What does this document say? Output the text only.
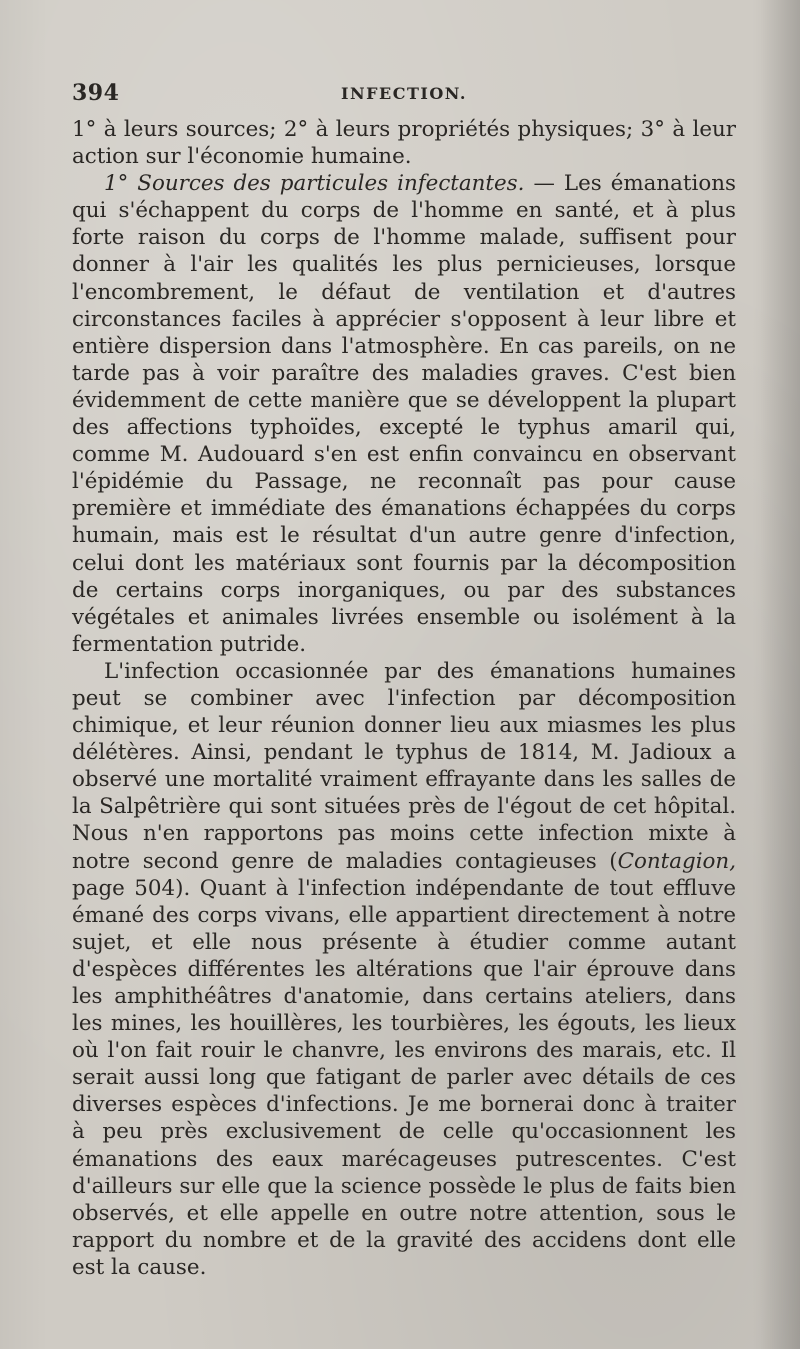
394	INFECTION.

1° à leurs sources; 2° à leurs propriétés physiques; 3° à leur action sur l'économie humaine.

1° Sources des particules infectantes. — Les émanations qui s'échappent du corps de l'homme en santé, et à plus forte raison du corps de l'homme malade, suffisent pour donner à l'air les qualités les plus pernicieuses, lorsque l'encombrement, le défaut de ventilation et d'autres circonstances faciles à apprécier s'opposent à leur libre et entière dispersion dans l'atmosphère. En cas pareils, on ne tarde pas à voir paraître des maladies graves. C'est bien évidemment de cette manière que se développent la plupart des affections typhoïdes, excepté le typhus amaril qui, comme M. Audouard s'en est enfin convaincu en observant l'épidémie du Passage, ne reconnaît pas pour cause première et immédiate des émanations échappées du corps humain, mais est le résultat d'un autre genre d'infection, celui dont les matériaux sont fournis par la décomposition de certains corps inorganiques, ou par des substances végétales et animales livrées ensemble ou isolément à la fermentation putride.

L'infection occasionnée par des émanations humaines peut se combiner avec l'infection par décomposition chimique, et leur réunion donner lieu aux miasmes les plus délétères. Ainsi, pendant le typhus de 1814, M. Jadioux a observé une mortalité vraiment effrayante dans les salles de la Salpêtrière qui sont situées près de l'égout de cet hôpital. Nous n'en rapportons pas moins cette infection mixte à notre second genre de maladies contagieuses (Contagion, page 504). Quant à l'infection indépendante de tout effluve émané des corps vivans, elle appartient directement à notre sujet, et elle nous présente à étudier comme autant d'espèces différentes les altérations que l'air éprouve dans les amphithéâtres d'anatomie, dans certains ateliers, dans les mines, les houillères, les tourbières, les égouts, les lieux où l'on fait rouir le chanvre, les environs des marais, etc. Il serait aussi long que fatigant de parler avec détails de ces diverses espèces d'infections. Je me bornerai donc à traiter à peu près exclusivement de celle qu'occasionnent les émanations des eaux marécageuses putrescentes. C'est d'ailleurs sur elle que la science possède le plus de faits bien observés, et elle appelle en outre notre attention, sous le rapport du nombre et de la gravité des accidens dont elle est la cause.
